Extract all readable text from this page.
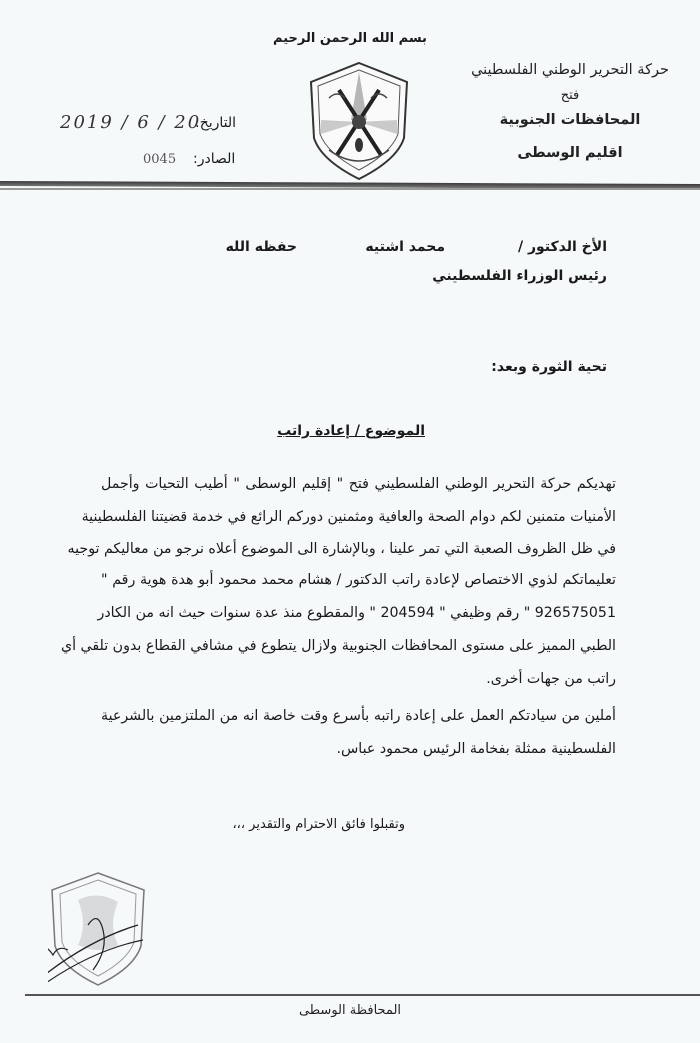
بسم الله الرحمن الرحيم
حركة التحرير الوطني الفلسطيني
فتح
المحافظات الجنوبية
اقليم الوسطى
التاريخ:
2019 / 6 / 20
الصادر:
0045
الأخ الدكتور /
محمد اشتيه
حفظه الله
رئيس الوزراء الفلسطيني
تحية الثورة وبعد:
الموضوع / إعادة راتب
تهديكم حركة التحرير الوطني الفلسطيني فتح " إقليم الوسطى " أطيب التحيات وأجمل
الأمنيات متمنين لكم دوام الصحة والعافية ومثمنين دوركم الرائع في خدمة قضيتنا الفلسطينية
في ظل الظروف الصعبة التي تمر علينا ، وبالإشارة الى الموضوع أعلاه نرجو من معاليكم توجيه
تعليماتكم لذوي الاختصاص لإعادة راتب الدكتور / هشام محمد محمود أبو هدة هوية رقم "
926575051 " رقم وظيفي " 204594 " والمقطوع منذ عدة سنوات حيث انه من الكادر
الطبي المميز على مستوى المحافظات الجنوبية ولازال يتطوع في مشافي القطاع بدون تلقي أي
راتب من جهات أخرى.
أملين من سيادتكم العمل على إعادة راتبه بأسرع وقت خاصة انه من الملتزمين بالشرعية
الفلسطينية ممثلة بفخامة الرئيس محمود عباس.
وتقبلوا فائق الاحترام والتقدير ،،،
المحافظة الوسطى
